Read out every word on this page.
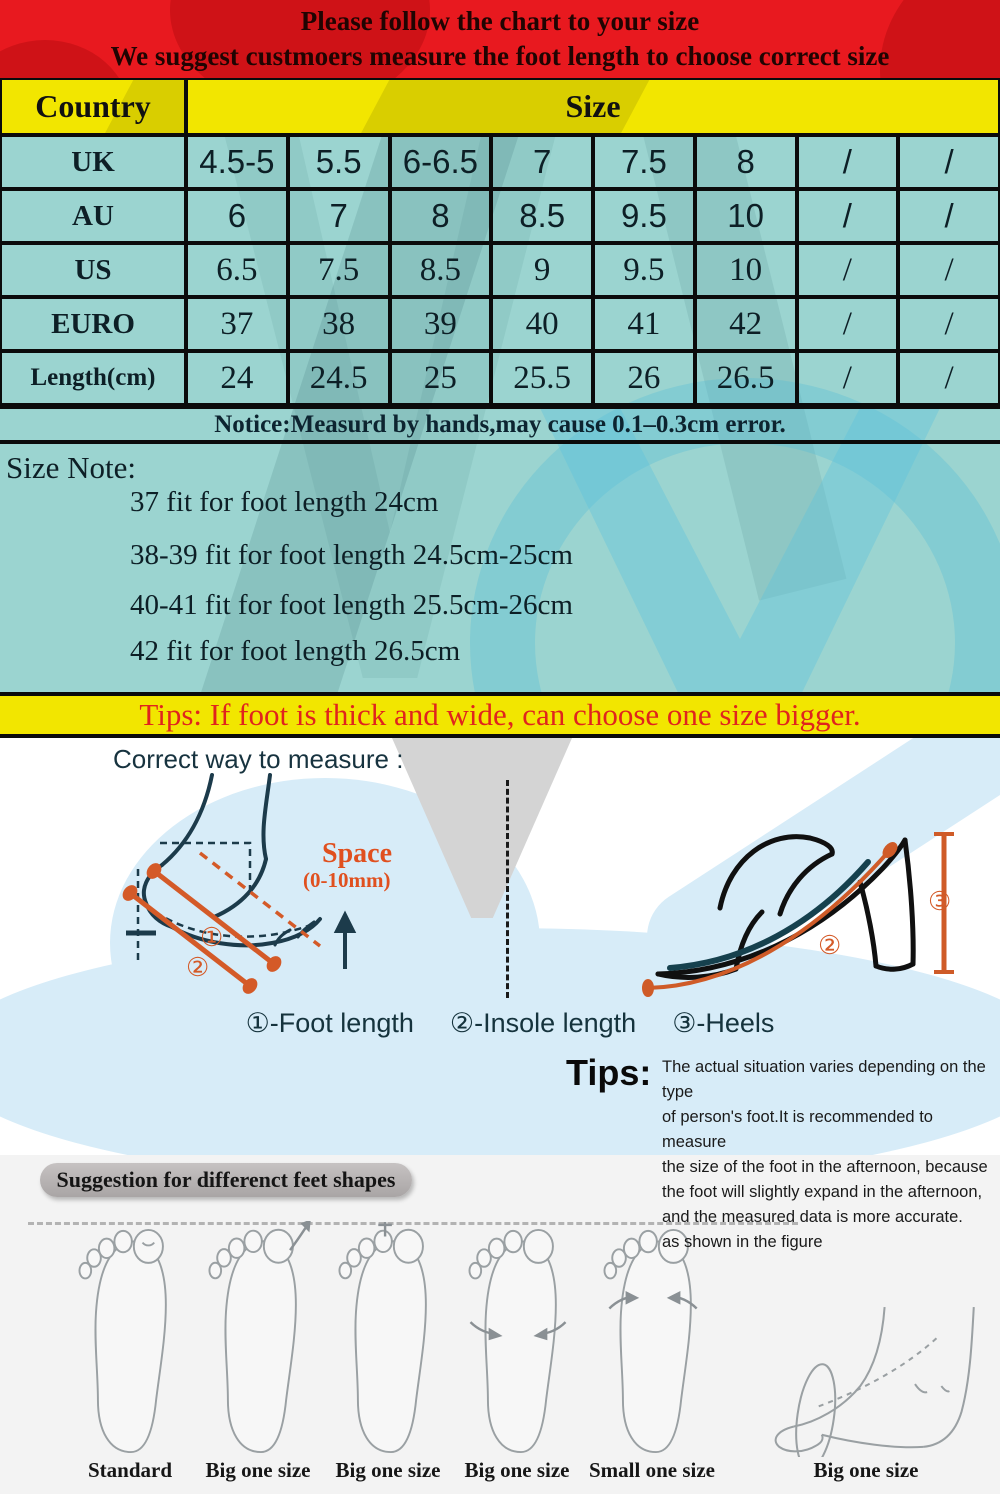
Please follow the chart to your size
We suggest custmoers measure the foot length to choose correct size
Country	Size
UK	4.5-5	5.5	6-6.5	7	7.5	8	/	/
AU	6	7	8	8.5	9.5	10	/	/
US	6.5	7.5	8.5	9	9.5	10	/	/
EURO	37	38	39	40	41	42	/	/
Length(cm)	24	24.5	25	25.5	26	26.5	/	/
Notice:Measurd by hands,may cause 0.1–0.3cm error.
Size Note:
37 fit for foot length 24cm
38-39 fit for foot length 24.5cm-25cm
40-41 fit for foot length 25.5cm-26cm
42 fit for foot length 26.5cm
Tips: If foot is thick and wide, can choose one size bigger.
Correct way to measure :
①
②
Space
(0-10mm)
②
③
①-Foot length ②-Insole length ③-Heels
Tips: The actual situation varies depending on the type
of person's foot.It is recommended to measure
the size of the foot in the afternoon, because
the foot will slightly expand in the afternoon,
and the measured data is more accurate.
as shown in the figure
Suggestion for differenct feet shapes
Standard Big one size Big one size Big one size Small one size	Big one size
